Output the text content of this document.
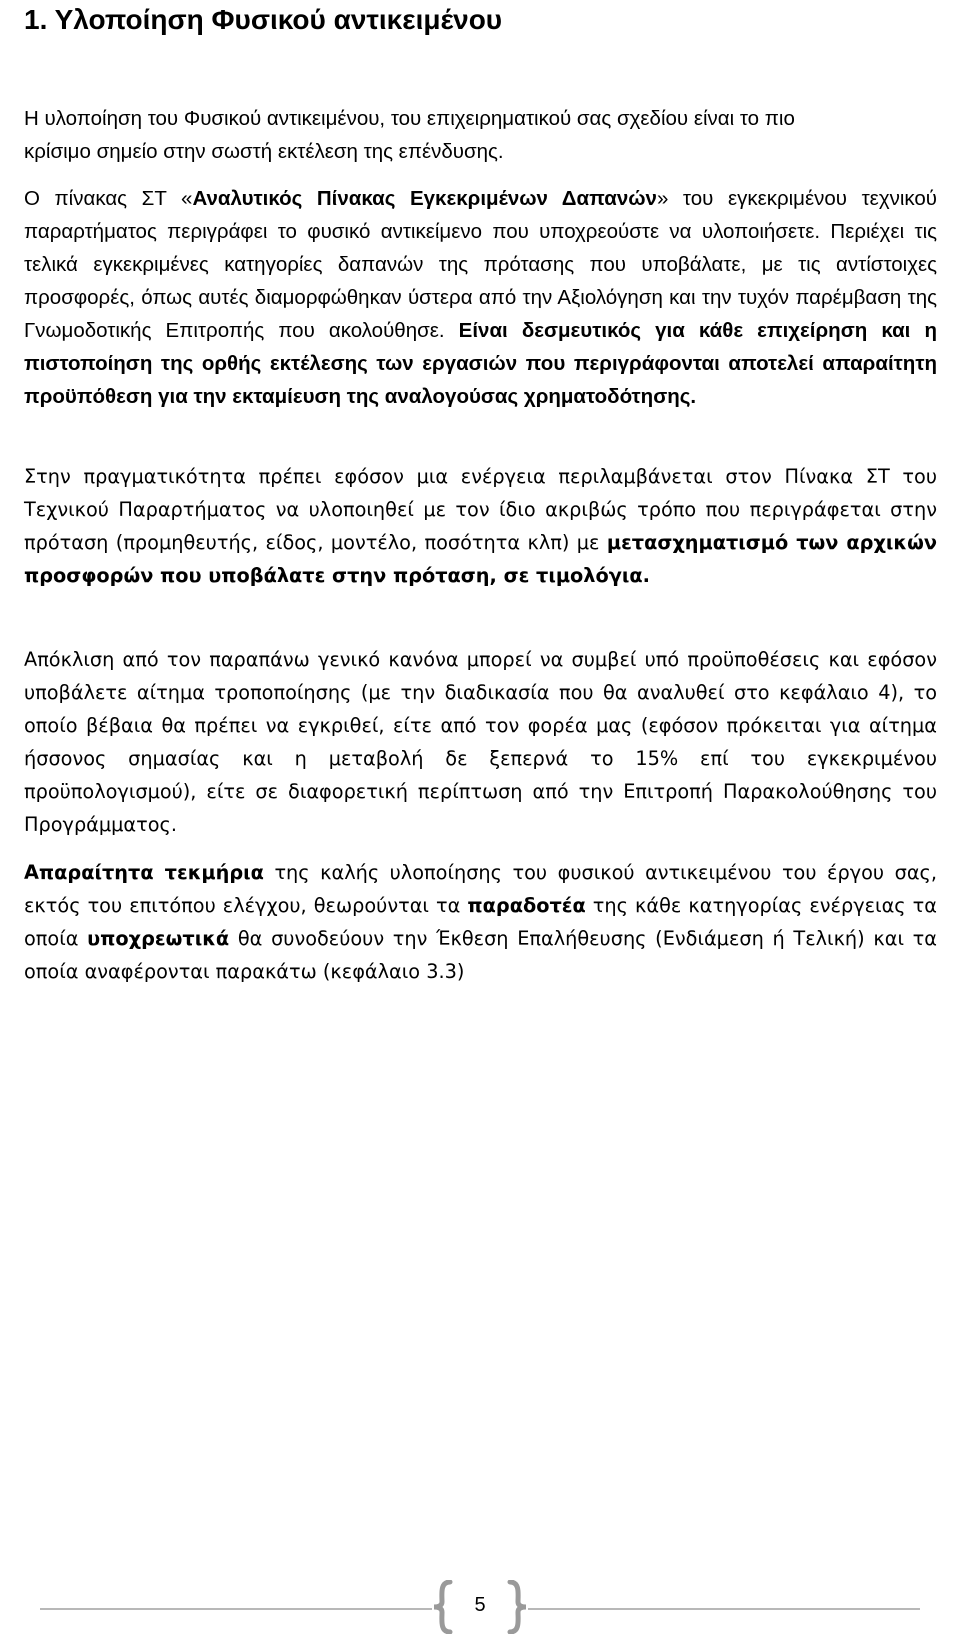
1. Υλοποίηση Φυσικού αντικειμένου

Η υλοποίηση του Φυσικού αντικειμένου, του επιχειρηματικού σας σχεδίου είναι το πιο
κρίσιμο σημείο στην σωστή εκτέλεση της επένδυσης.

Ο πίνακας ΣΤ «Αναλυτικός Πίνακας Εγκεκριμένων Δαπανών» του εγκεκριμένου τεχνικού παραρτήματος περιγράφει το φυσικό αντικείμενο που υποχρεούστε να υλοποιήσετε. Περιέχει τις τελικά εγκεκριμένες κατηγορίες δαπανών της πρότασης που υποβάλατε, με τις αντίστοιχες προσφορές, όπως αυτές διαμορφώθηκαν ύστερα από την Αξιολόγηση και την τυχόν παρέμβαση της Γνωμοδοτικής Επιτροπής που ακολούθησε. Είναι δεσμευτικός για κάθε επιχείρηση και η πιστοποίηση της ορθής εκτέλεσης των εργασιών που περιγράφονται αποτελεί απαραίτητη προϋπόθεση για την εκταμίευση της αναλογούσας χρηματοδότησης.

Στην πραγματικότητα πρέπει εφόσον μια ενέργεια περιλαμβάνεται στον Πίνακα ΣΤ του Τεχνικού Παραρτήματος να υλοποιηθεί με τον ίδιο ακριβώς τρόπο που περιγράφεται στην πρόταση (προμηθευτής, είδος, μοντέλο, ποσότητα κλπ) με μετασχηματισμό των αρχικών προσφορών που υποβάλατε στην πρόταση, σε τιμολόγια.

Απόκλιση από τον παραπάνω γενικό κανόνα μπορεί να συμβεί υπό προϋποθέσεις και εφόσον υποβάλετε αίτημα τροποποίησης (με την διαδικασία που θα αναλυθεί στο κεφάλαιο 4), το οποίο βέβαια θα πρέπει να εγκριθεί, είτε από τον φορέα μας (εφόσον πρόκειται για αίτημα ήσσονος σημασίας και η μεταβολή δε ξεπερνά το 15% επί του εγκεκριμένου προϋπολογισμού), είτε σε διαφορετική περίπτωση από την Επιτροπή Παρακολούθησης του Προγράμματος.

Απαραίτητα τεκμήρια της καλής υλοποίησης του φυσικού αντικειμένου του έργου σας, εκτός του επιτόπου ελέγχου, θεωρούνται τα παραδοτέα της κάθε κατηγορίας ενέργειας τα οποία υποχρεωτικά θα συνοδεύουν την Έκθεση Επαλήθευσης (Ενδιάμεση ή Τελική) και τα οποία αναφέρονται παρακάτω (κεφάλαιο 3.3)

5
